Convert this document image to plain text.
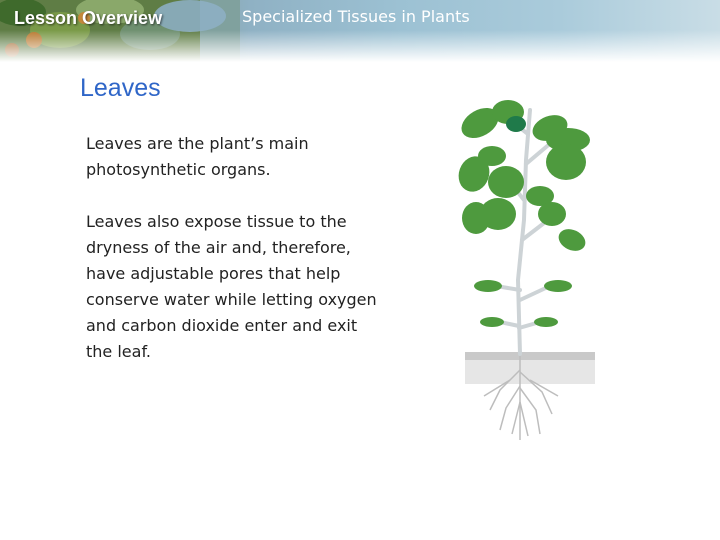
Lesson Overview	Specialized Tissues in Plants
Leaves

Leaves are the plant’s main photosynthetic organs.

Leaves also expose tissue to the dryness of the air and, therefore, have adjustable pores that help conserve water while letting oxygen and carbon dioxide enter and exit the leaf.
